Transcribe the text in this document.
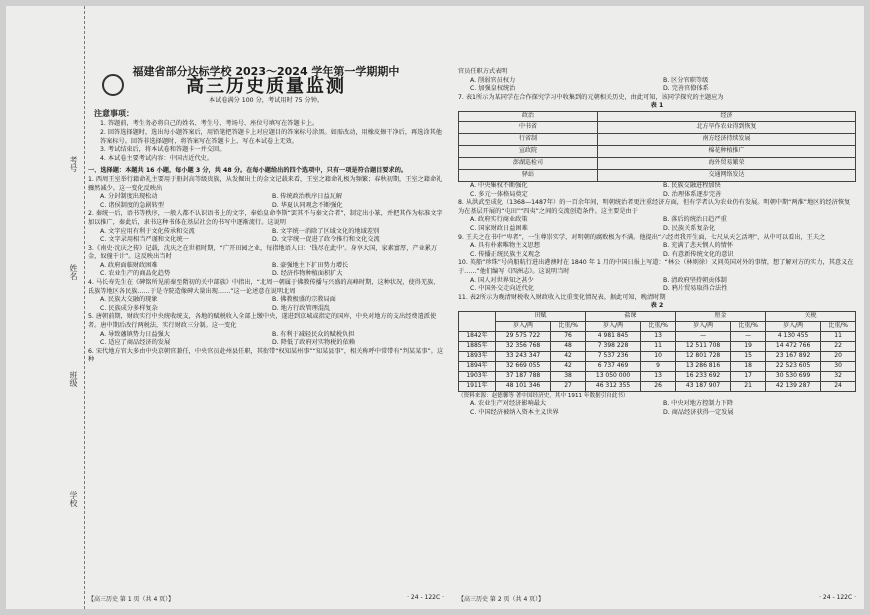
考号
姓名
班级
学校
福建省部分达标学校 2023～2024 学年第一学期期中
高三历史质量监测
本试卷满分 100 分，考试用时 75 分钟。
注意事项：

1. 答题前，考生务必将自己的姓名、考生号、考场号、座位号填写在答题卡上。

2. 回答选择题时，选出每小题答案后，用铅笔把答题卡上对应题目的答案标号涂黑。如需改动，用橡皮擦干净后，再选涂其他答案标号。回答非选择题时，将答案写在答题卡上，写在本试卷上无效。

3. 考试结束后，将本试卷和答题卡一并交回。

4. 本试卷主要考试内容：中国古近代史。

一、选择题：本题共 16 小题，每小题 3 分，共 48 分。在每小题给出的四个选项中，只有一项是符合题目要求的。

1. 西周王室举行籍命礼主要用于册封高等级贵族，从发掘出土的金文记载来看，王室之籍命礼极为频繁；春秋初期，王室之籍命礼骤然减少。这一变化反映出

A. 分封制度出现松动	B. 传统政治秩序日益瓦解
C. 诸侯制度的急剧转型	D. 华夏认同观念不断强化

2. 秦统一后，语书等秩序，一般人都不认识语书上的文字，奉始皇命李斯“罢其不与秦文合者”，制定出小篆，并把其作为标准文字加以推广，秦此后，隶书这种书体在基层社会的书写中逐渐流行。这说明

A. 文字应用有利于文化传承和交流	B. 文字统一消除了区域文化的地域差别
C. 文字录用相当严谨和文化统一	D. 文字统一促进了政令推行和文化交流

3.《南史·沈庆之传》记载，沈庆之在世祖时期，“广开田园之业，每指地语人曰：‘钱尽在此中’。身享大国，家素富厚，产业累万金，奴僮千计”。这反映出当时

A. 政府面临财政困难	B. 豪强地主下扩田势力增长
C. 农业生产的商品化趋势	D. 经济作物种植面积扩大

4. 马长寿先生在《碑铭所见前秦至隋初的关中部族》中指出，“北周一朝属于佛教传播与兴盛的高峰时期，这种状况，使得羌族、氐族等地区各民族……于是寺院造像碑大量出现……”这一论述意在说明北周

A. 民族大交融的现象	B. 佛教极盛的宗教局面
C. 民族成分多样复杂	D. 地方行政管理混乱

5. 唐朝前期，财政实行中央统收统支，各地的赋税收入全部上缴中央，遂进到京城或指定的国库，中央对地方的支出经费遣派使者。唐中期后改行两税法，实行财政三分制。这一变化

A. 导致藩镇势力日益强大	B. 有利于减轻民众的赋税负担
C. 适应了商品经济的发展	D. 降低了政府对实物税的依赖

6. 宋代地方官大多由中央京朝官兼任，中央官员赴州县任职，其衔带“权知某州事”“知某县事”，相关称呼中常带有“判某某事”。这种

官员任职方式表明

A. 削弱官员权力	B. 区分官职等级
C. 加强皇权统治	D. 完善官僚体系

7. 表1所示为某同学在合作探究学习中收集到的元朝相关历史，由此可知，该同学探究的主题应为

表 1
政治	经济
中书省	北方旱作农业得到恢复
行省制	南方经济持续发展
宣政院	棉花种植推广
澎湖巡检司	海外贸易繁荣
驿站	交通网络发达
A. 中央集权不断强化	B. 民族交融进程加快
C. 多元一体格局奠定	D. 治理体系逐步完善

8. 从洪武至成化（1368—1487年）的一百余年间，明朝统治者更注重经济方面，但有学者认为农业仍有发展。明朝中期“两淮”地区的经济恢复为在基层开展的“屯田”“四夷”之间的交流创造条件。这主要是由于

A. 政府实行商业政策	B. 落后的统治日趋严重
C. 国家财政日益困难	D. 民族关系复杂化

9. 王夫之在书中“卑者”，一生尊崇实学，对明朝的腐败极为不满。他提出“六经责我开生面，七尺从天乞活埋”，从中可以看出，王夫之

A. 具有朴素唯物主义思想	B. 充满了悲天悯人的情怀
C. 传播正统民族主义观念	D. 有意新传统文化的意识

10. 英船“珍珠”号尚船航行进出港澳时在 1840 年 1 月的中国日报上写道：“林公（林则徐）又问英国对外的事情，想了解对方的实力，其意义在于……”他们编写《四洲志》。这说明当时

A. 国人对世界知之甚少	B. 清政府坚持朝贡体制
C. 中国外交走向近代化	D. 鸦片贸易取得合法性

11. 表2所示为晚清财税收入财政收入比重变化情况表。据此可知，晚清时期

表 2
	田赋		盐课		厘金		关税	
	岁入/两	比重/%	岁入/两	比重/%	岁入/两	比重/%	岁入/两	比重/%
1842年	29 575 722	76	4 981 845	13	—	—	4 130 455	11
1885年	32 356 768	48	7 398 228	11	12 511 708	19	14 472 766	22
1893年	33 243 347	42	7 537 236	10	12 801 728	15	23 167 892	20
1894年	32 669 055	42	6 737 469	9	13 286 816	18	22 523 605	30
1903年	37 187 788	38	13 050 000	13	16 233 692	17	30 530 699	32
1911年	48 101 346	27	46 312 355	26	43 187 907	21	42 139 287	24

（资料来源：赵德馨等 著中国经济史，其中 1911 年数据引自此书）

A. 农业生产对经济影响最大	B. 中央对地方控制力下降
C. 中国经济被纳入资本主义世界	D. 商品经济获得一定发展
【高三历史 第 1 页（共 4 页）】	· 24 - 122C · 【高三历史 第 2 页（共 4 页）】	· 24 - 122C ·
